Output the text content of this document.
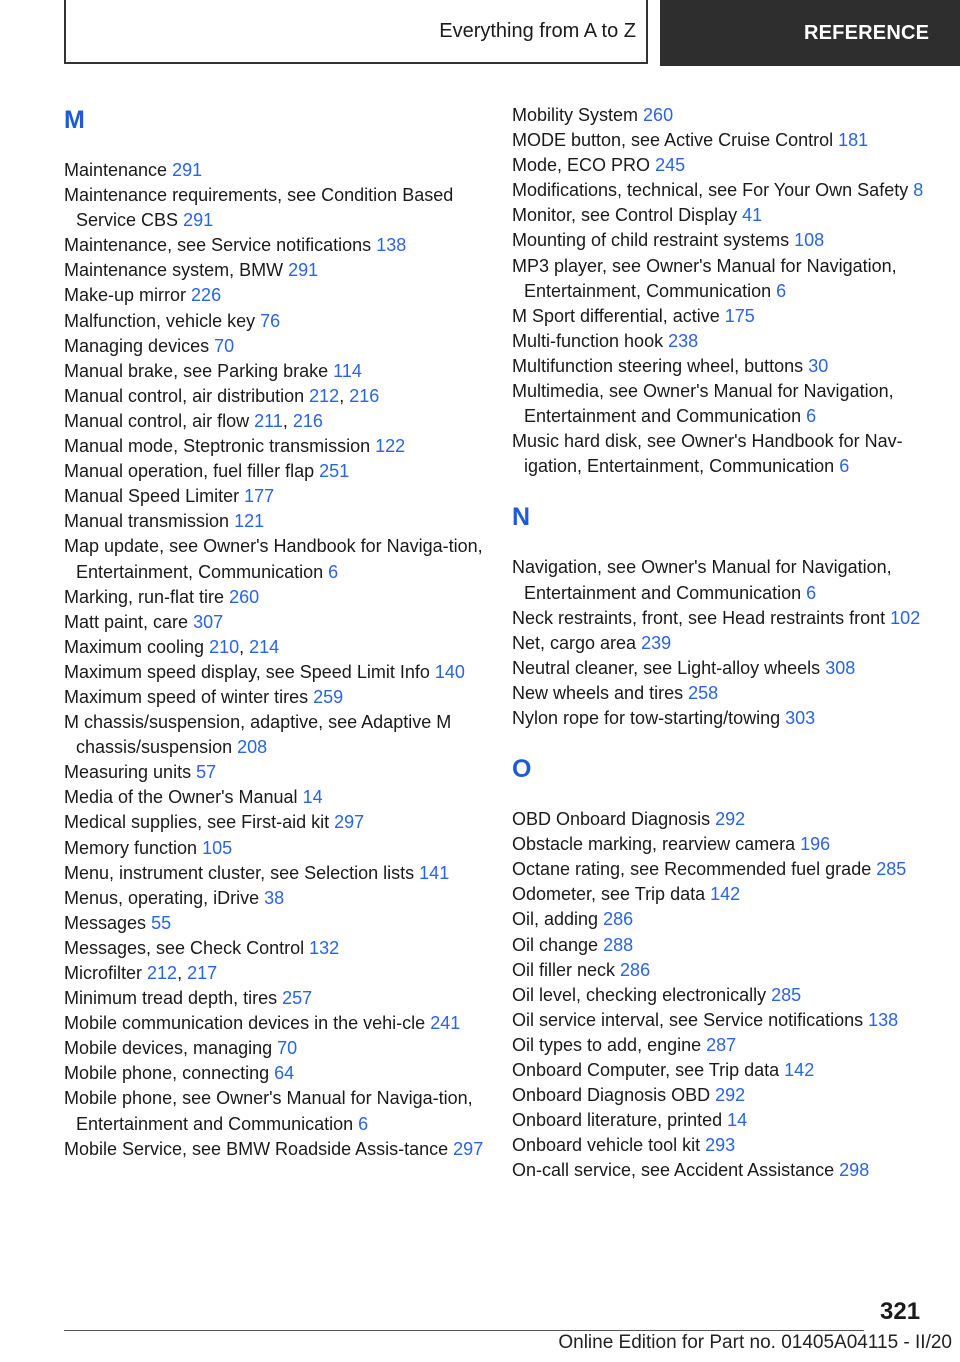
Everything from A to Z	REFERENCE
M
Maintenance 291
Maintenance requirements, see Condition Based Service CBS 291
Maintenance, see Service notifications 138
Maintenance system, BMW 291
Make-up mirror 226
Malfunction, vehicle key 76
Managing devices 70
Manual brake, see Parking brake 114
Manual control, air distribution 212, 216
Manual control, air flow 211, 216
Manual mode, Steptronic transmission 122
Manual operation, fuel filler flap 251
Manual Speed Limiter 177
Manual transmission 121
Map update, see Owner's Handbook for Naviga-tion, Entertainment, Communication 6
Marking, run-flat tire 260
Matt paint, care 307
Maximum cooling 210, 214
Maximum speed display, see Speed Limit Info 140
Maximum speed of winter tires 259
M chassis/suspension, adaptive, see Adaptive M chassis/suspension 208
Measuring units 57
Media of the Owner's Manual 14
Medical supplies, see First-aid kit 297
Memory function 105
Menu, instrument cluster, see Selection lists 141
Menus, operating, iDrive 38
Messages 55
Messages, see Check Control 132
Microfilter 212, 217
Minimum tread depth, tires 257
Mobile communication devices in the vehi-cle 241
Mobile devices, managing 70
Mobile phone, connecting 64
Mobile phone, see Owner's Manual for Naviga-tion, Entertainment and Communication 6
Mobile Service, see BMW Roadside Assis-tance 297
Mobility System 260
MODE button, see Active Cruise Control 181
Mode, ECO PRO 245
Modifications, technical, see For Your Own Safety 8
Monitor, see Control Display 41
Mounting of child restraint systems 108
MP3 player, see Owner's Manual for Navigation, Entertainment, Communication 6
M Sport differential, active 175
Multi-function hook 238
Multifunction steering wheel, buttons 30
Multimedia, see Owner's Manual for Navigation, Entertainment and Communication 6
Music hard disk, see Owner's Handbook for Nav-igation, Entertainment, Communication 6
N
Navigation, see Owner's Manual for Navigation, Entertainment and Communication 6
Neck restraints, front, see Head restraints front 102
Net, cargo area 239
Neutral cleaner, see Light-alloy wheels 308
New wheels and tires 258
Nylon rope for tow-starting/towing 303
O
OBD Onboard Diagnosis 292
Obstacle marking, rearview camera 196
Octane rating, see Recommended fuel grade 285
Odometer, see Trip data 142
Oil, adding 286
Oil change 288
Oil filler neck 286
Oil level, checking electronically 285
Oil service interval, see Service notifications 138
Oil types to add, engine 287
Onboard Computer, see Trip data 142
Onboard Diagnosis OBD 292
Onboard literature, printed 14
Onboard vehicle tool kit 293
On-call service, see Accident Assistance 298
321
Online Edition for Part no. 01405A04115 - II/20
